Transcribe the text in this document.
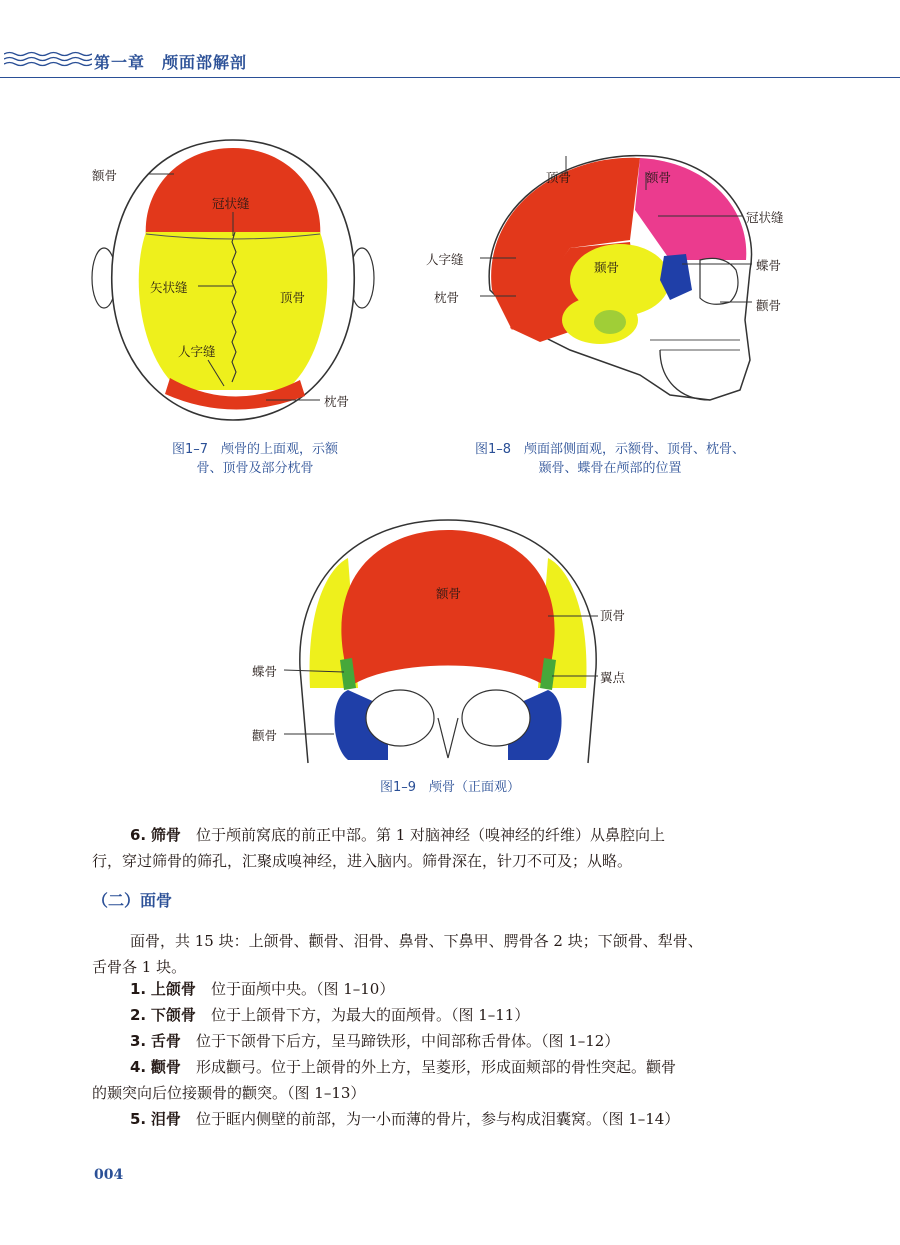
第一章　颅面部解剖
额骨
冠状缝
矢状缝
顶骨
人字缝
枕骨
图1–7　颅骨的上面观，示额
骨、顶骨及部分枕骨
顶骨	额骨
冠状缝
人字缝
颞骨	蝶骨
枕骨
颧骨
图1–8　颅面部侧面观，示额骨、顶骨、枕骨、
颞骨、蝶骨在颅部的位置
额骨
顶骨
蝶骨	翼点
颧骨
图1–9　颅骨（正面观）
6. 筛骨　 位于颅前窝底的前正中部。第 1 对脑神经（嗅神经的纤维）从鼻腔向上
行，穿过筛骨的筛孔，汇聚成嗅神经，进入脑内。筛骨深在，针刀不可及；从略。
（二）面骨
面骨，共 15 块：上颌骨、颧骨、泪骨、鼻骨、下鼻甲、腭骨各 2 块；下颌骨、犁骨、
舌骨各 1 块。
1. 上颌骨　 位于面颅中央。（图 1–10）
2. 下颌骨　 位于上颌骨下方，为最大的面颅骨。（图 1–11）
3. 舌骨　 位于下颌骨下后方，呈马蹄铁形，中间部称舌骨体。（图 1–12）
4. 颧骨　 形成颧弓。位于上颌骨的外上方，呈菱形，形成面颊部的骨性突起。颧骨
的颞突向后位接颞骨的颧突。（图 1–13）
5. 泪骨　 位于眶内侧壁的前部，为一小而薄的骨片，参与构成泪囊窝。（图 1–14）
004
